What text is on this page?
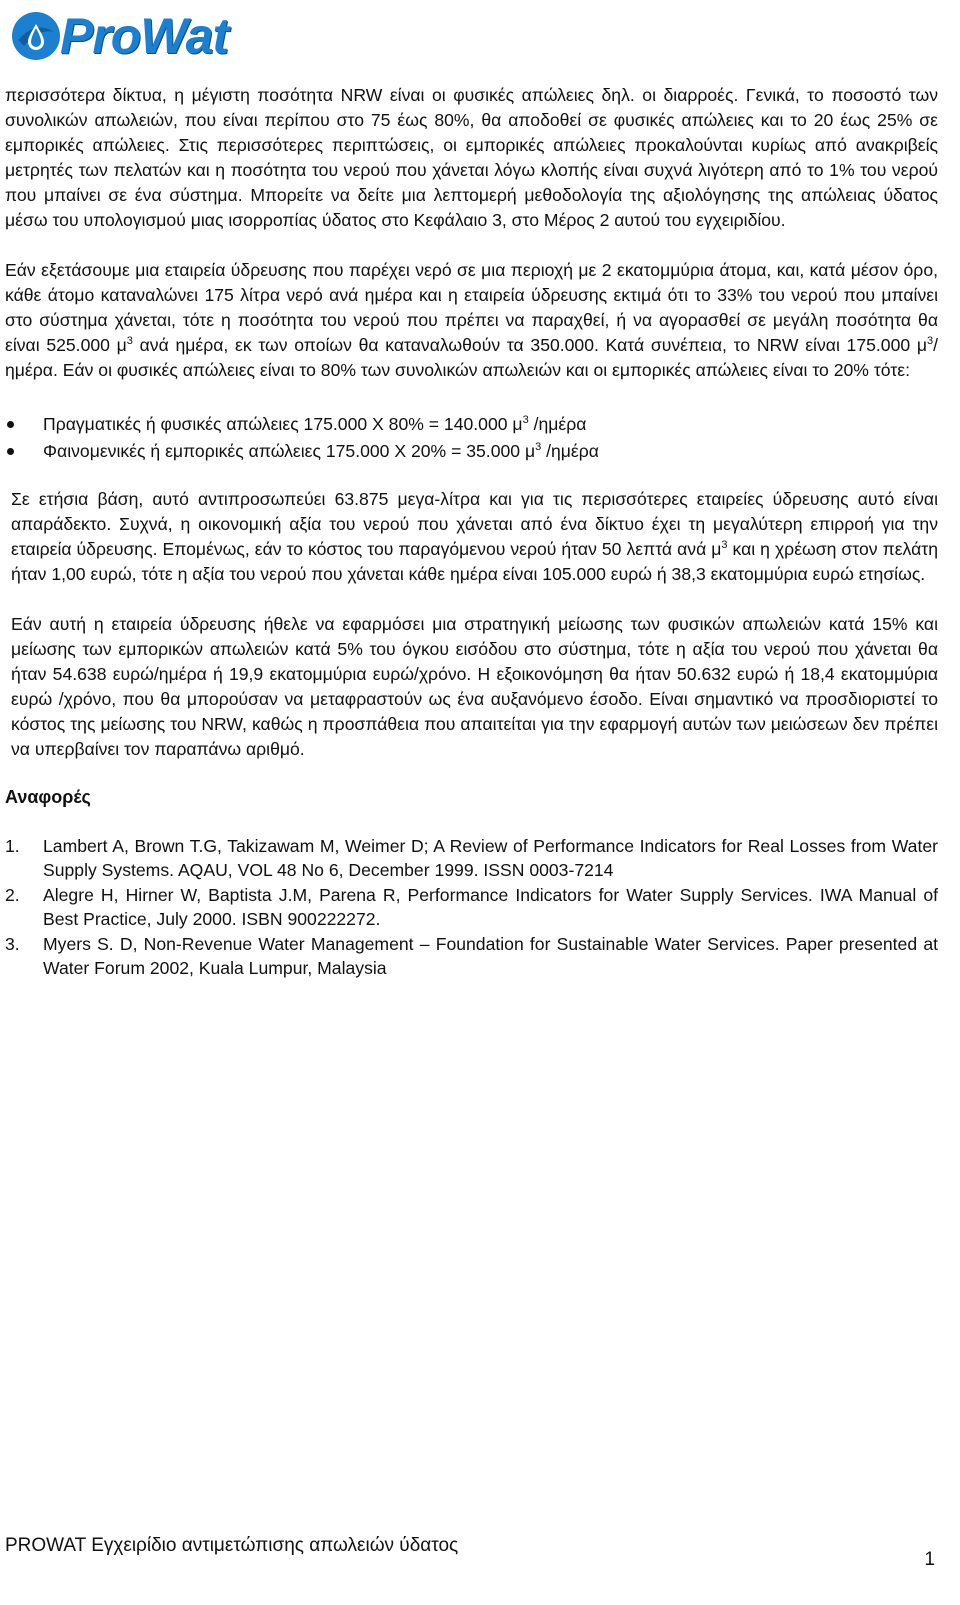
ProWat

περισσότερα δίκτυα, η μέγιστη ποσότητα NRW είναι οι φυσικές απώλειες δηλ. οι διαρροές. Γενικά, το ποσοστό των συνολικών απωλειών, που είναι περίπου στο 75 έως 80%, θα αποδοθεί σε φυσικές απώλειες και το 20 έως 25% σε εμπορικές απώλειες. Στις περισσότερες περιπτώσεις, οι εμπορικές απώλειες προκαλούνται κυρίως από ανακριβείς μετρητές των πελατών και η ποσότητα του νερού που χάνεται λόγω κλοπής είναι συχνά λιγότερη από το 1% του νερού που μπαίνει σε ένα σύστημα. Μπορείτε να δείτε μια λεπτομερή μεθοδολογία της αξιολόγησης της απώλειας ύδατος μέσω του υπολογισμού μιας ισορροπίας ύδατος στο Κεφάλαιο 3, στο Μέρος 2 αυτού του εγχειριδίου.

Εάν εξετάσουμε μια εταιρεία ύδρευσης που παρέχει νερό σε μια περιοχή με 2 εκατομμύρια άτομα, και, κατά μέσον όρο, κάθε άτομο καταναλώνει 175 λίτρα νερό ανά ημέρα και η εταιρεία ύδρευσης εκτιμά ότι το 33% του νερού που μπαίνει στο σύστημα χάνεται, τότε η ποσότητα του νερού που πρέπει να παραχθεί, ή να αγορασθεί σε μεγάλη ποσότητα θα είναι 525.000 $\mu^3$ ανά ημέρα, εκ των οποίων θα καταναλωθούν τα 350.000. Κατά συνέπεια, το NRW είναι 175.000 $\mu^3$/ημέρα. Εάν οι φυσικές απώλειες είναι το 80% των συνολικών απωλειών και οι εμπορικές απώλειες είναι το 20% τότε:

Πραγματικές ή φυσικές απώλειες 175.000 Χ 80% = 140.000 $\mu^3$ /ημέρα
Φαινομενικές ή εμπορικές απώλειες 175.000 Χ 20% = 35.000 $\mu^3$ /ημέρα

Σε ετήσια βάση, αυτό αντιπροσωπεύει 63.875 μεγα-λίτρα και για τις περισσότερες εταιρείες ύδρευσης αυτό είναι απαράδεκτο. Συχνά, η οικονομική αξία του νερού που χάνεται από ένα δίκτυο έχει τη μεγαλύτερη επιρροή για την εταιρεία ύδρευσης. Επομένως, εάν το κόστος του παραγόμενου νερού ήταν 50 λεπτά ανά $\mu^3$ και η χρέωση στον πελάτη ήταν 1,00 ευρώ, τότε η αξία του νερού που χάνεται κάθε ημέρα είναι 105.000 ευρώ ή 38,3 εκατομμύρια ευρώ ετησίως.

Εάν αυτή η εταιρεία ύδρευσης ήθελε να εφαρμόσει μια στρατηγική μείωσης των φυσικών απωλειών κατά 15% και μείωσης των εμπορικών απωλειών κατά 5% του όγκου εισόδου στο σύστημα, τότε η αξία του νερού που χάνεται θα ήταν 54.638 ευρώ/ημέρα ή 19,9 εκατομμύρια ευρώ/χρόνο. Η εξοικονόμηση θα ήταν 50.632 ευρώ ή 18,4 εκατομμύρια ευρώ /χρόνο, που θα μπορούσαν να μεταφραστούν ως ένα αυξανόμενο έσοδο. Είναι σημαντικό να προσδιοριστεί το κόστος της μείωσης του NRW, καθώς η προσπάθεια που απαιτείται για την εφαρμογή αυτών των μειώσεων δεν πρέπει να υπερβαίνει τον παραπάνω αριθμό.

Αναφορές
1. Lambert A, Brown T.G, Takizawam M, Weimer D; A Review of Performance Indicators for Real Losses from Water Supply Systems. AQAU, VOL 48 No 6, December 1999. ISSN 0003-7214
2. Alegre H, Hirner W, Baptista J.M, Parena R, Performance Indicators for Water Supply Services. IWA Manual of Best Practice, July 2000. ISBN 900222272.
3. Myers S. D, Non-Revenue Water Management – Foundation for Sustainable Water Services. Paper presented at Water Forum 2002, Kuala Lumpur, Malaysia
PROWAT Εγχειρίδιο αντιμετώπισης απωλειών ύδατος
1
